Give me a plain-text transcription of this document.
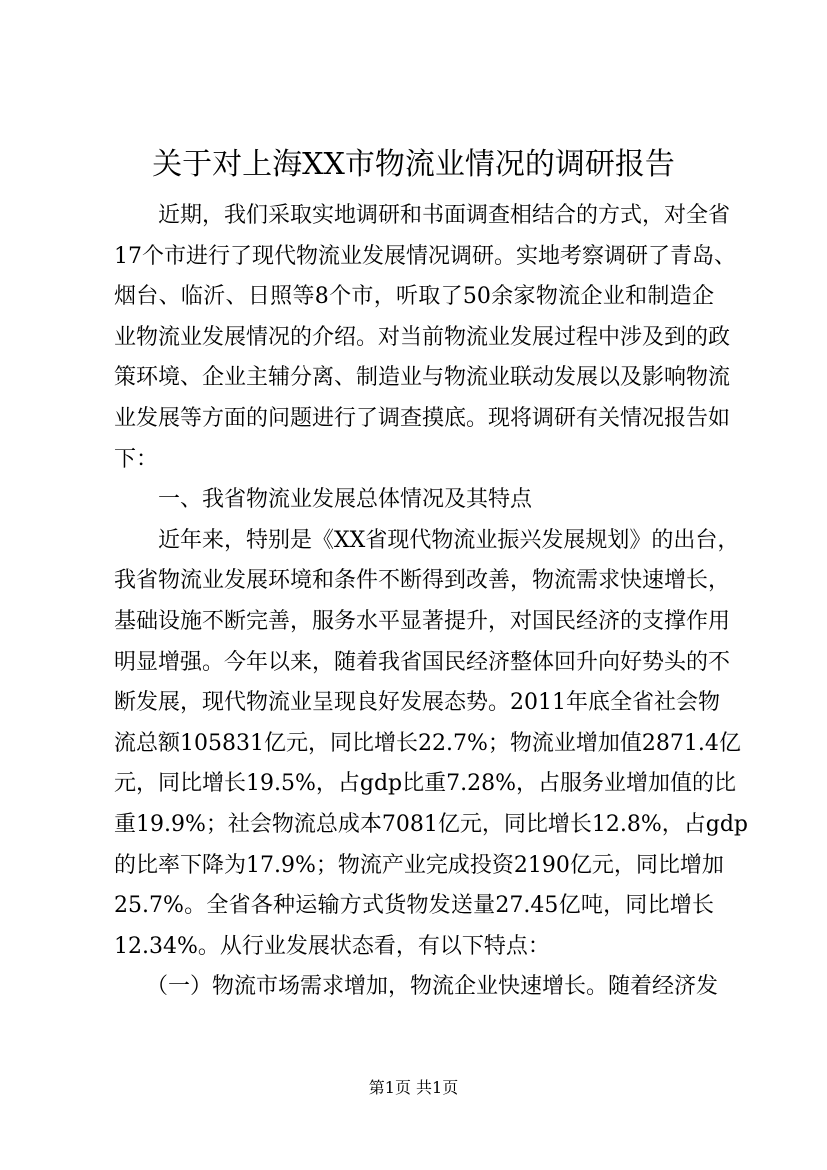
关于对上海XX市物流业情况的调研报告
近期，我们采取实地调研和书面调查相结合的方式，对全省
17个市进行了现代物流业发展情况调研。实地考察调研了青岛、
烟台、临沂、日照等8个市，听取了50余家物流企业和制造企
业物流业发展情况的介绍。对当前物流业发展过程中涉及到的政
策环境、企业主辅分离、制造业与物流业联动发展以及影响物流
业发展等方面的问题进行了调查摸底。现将调研有关情况报告如
下：
一、我省物流业发展总体情况及其特点
近年来，特别是《XX省现代物流业振兴发展规划》的出台，
我省物流业发展环境和条件不断得到改善，物流需求快速增长，
基础设施不断完善，服务水平显著提升，对国民经济的支撑作用
明显增强。今年以来，随着我省国民经济整体回升向好势头的不
断发展，现代物流业呈现良好发展态势。2011年底全省社会物
流总额105831亿元，同比增长22.7%；物流业增加值2871.4亿
元，同比增长19.5%，占gdp比重7.28%，占服务业增加值的比
重19.9%；社会物流总成本7081亿元，同比增长12.8%，占gdp
的比率下降为17.9%；物流产业完成投资2190亿元，同比增加
25.7%。全省各种运输方式货物发送量27.45亿吨，同比增长
12.34%。从行业发展状态看，有以下特点：
（一）物流市场需求增加，物流企业快速增长。随着经济发
第1页 共1页
